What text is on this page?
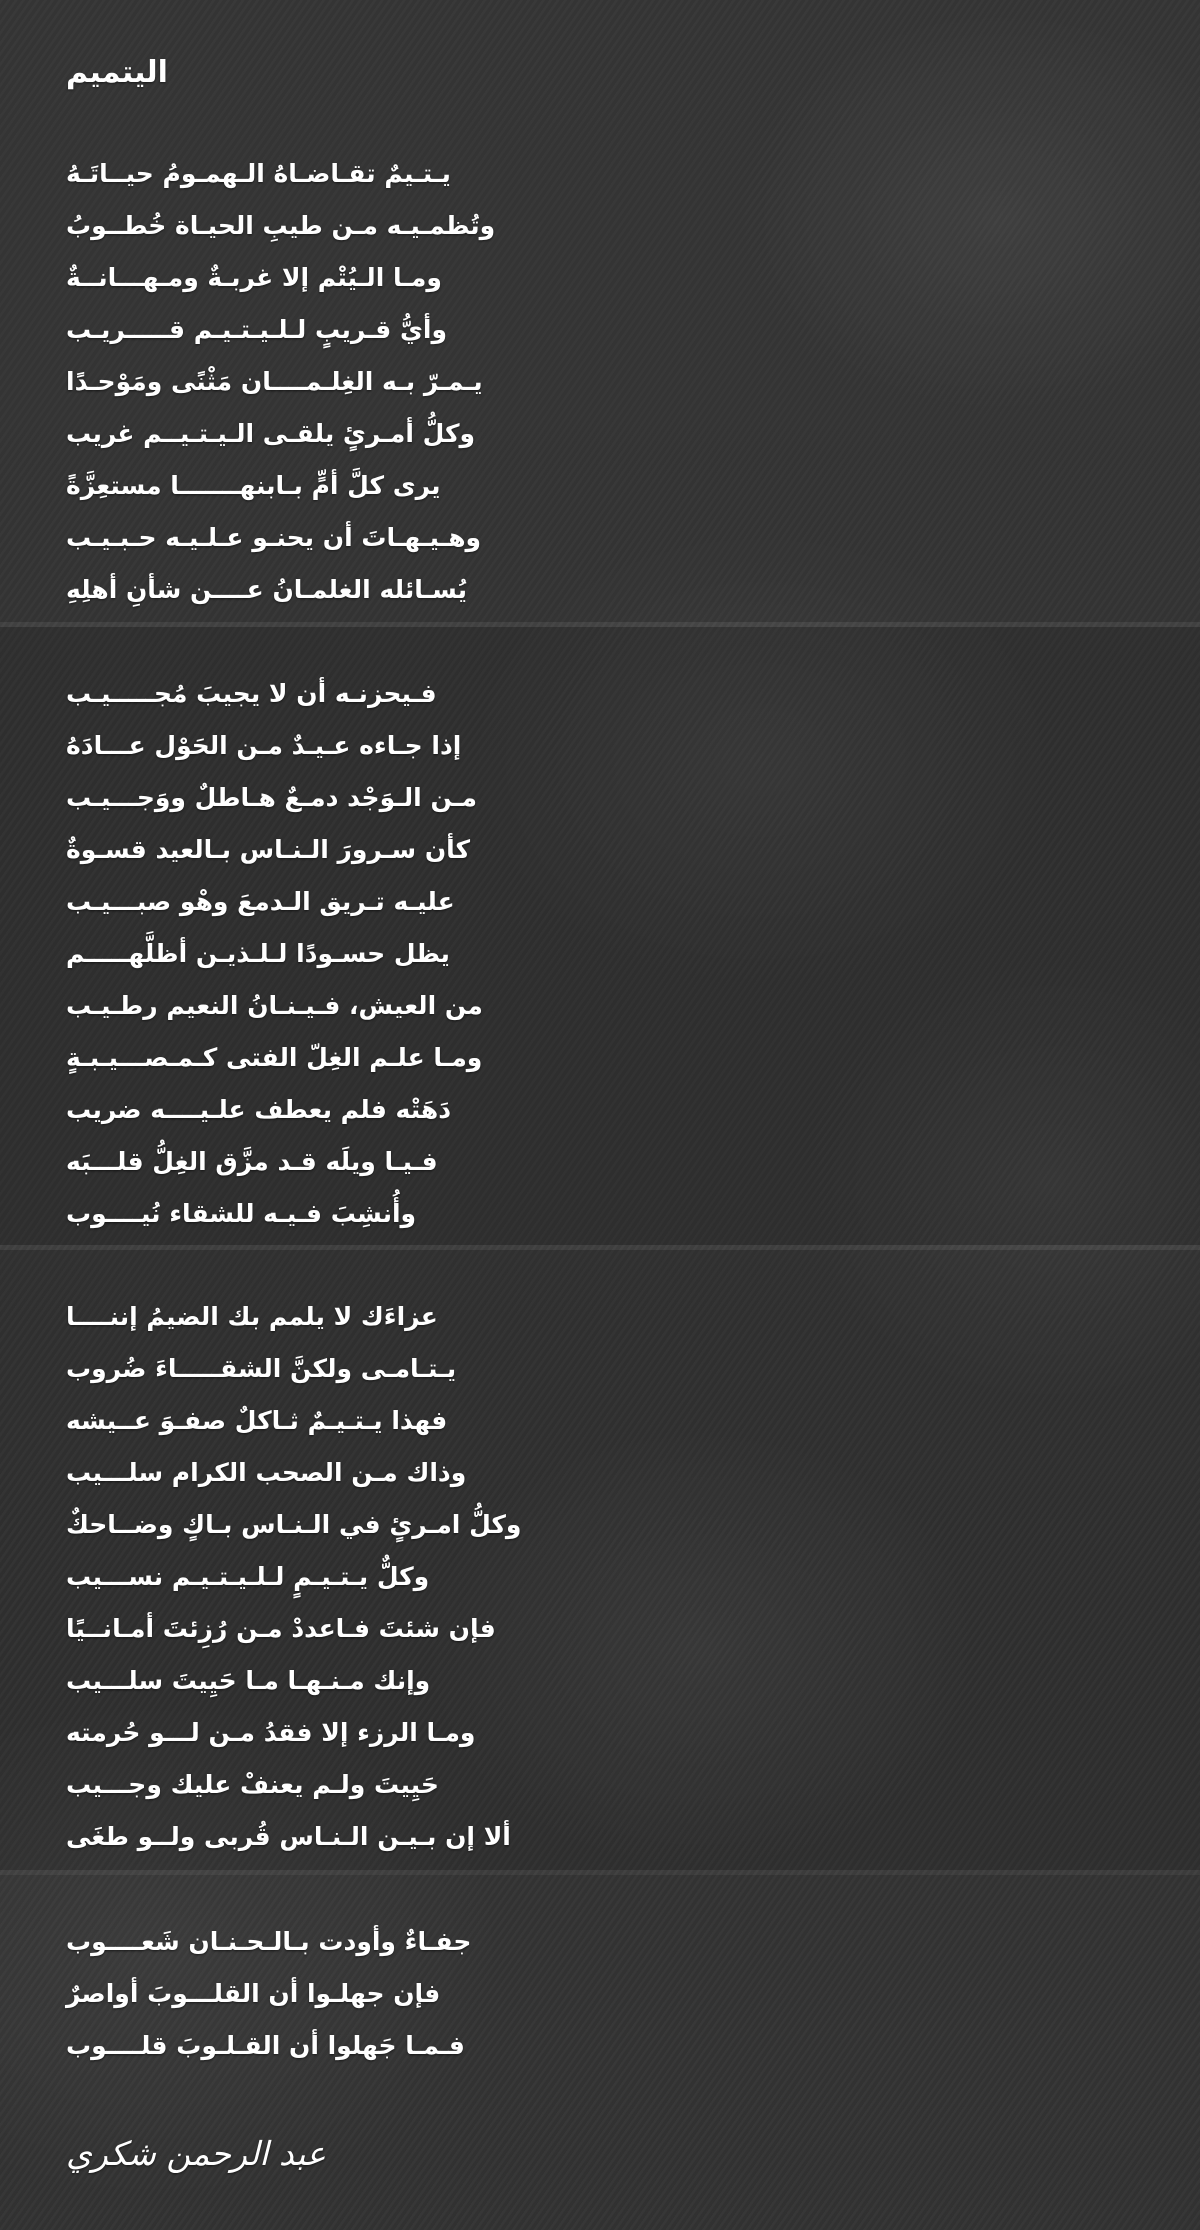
اليتميم
يـتـيمٌ تقـاضـاهُ الـهمـومُ حيــاتَـهُ
وتُظمـيـه مـن طيبِ الحيـاة خُطــوبُ
ومـا الـيُتْم إلا غربـةٌ ومـهـــانــةٌ
وأيُّ قـريبٍ لـلـيـتـيـم قـــــريـب
يـمـرّ بـه الغِلـمــــان مَثْنًى ومَوْحـدًا
وكلُّ أمـرئٍ يلقـى الـيـتـيــم غريب
يرى كلَّ أمٍّ بـابنهـــــــا مستعِزَّةً
وهـيـهـاتَ أن يحنـو عـلـيـه حـبـيـب
يُسـائله الغلمـانُ عــــن شأنِ أهلِهِ
فـيحزنـه أن لا يجيبَ مُجـــــيـب
إذا جـاءه عـيـدٌ مـن الحَوْل عـــادَهُ
مـن الـوَجْد دمـعٌ هـاطلٌ ووَجـــيـب
كأن سـرورَ الـنـاس بـالعيد قسـوةٌ
عليـه تـريق الـدمعَ وهْو صبـــيـب
يظل حسـودًا لـلـذيـن أظلَّهـــــم
من العيش، فـيـنـانُ النعيم رطـيـب
ومـا علـم الغِلّ الفتى كـمـصـــيـبـةٍ
دَهَتْه فلم يعطف علـيــــه ضريب
فـيـا ويلَه قـد مزَّق الغِلُّ قلـــبَه
وأُنشِبَ فـيـه للشقاء نُيــــوب
عزاءَك لا يلمم بك الضيمُ إننــــا
يـتـامـى ولكنَّ الشقـــــاءَ ضُروب
فهذا يـتـيـمٌ ثـاكلٌ صفـوَ عــيشه
وذاك مـن الصحب الكرام سلـــيب
وكلُّ امـرئٍ في الـنـاس بـاكٍ وضــاحكٌ
وكلٌّ يـتـيـمٍ لـلـيـتـيـم نســـيب
فإن شئتَ فـاعددْ مـن رُزِئتَ أمـانــيًا
وإنك مـنـهـا مـا حَيِيتَ سلـــيب
ومـا الرزء إلا فقدُ مـن لـــو حُرمته
حَيِيتَ ولـم يعنفْ عليك وجـــيب
ألا إن بـيـن الـنـاس قُربى ولــو طغَى
جفـاءٌ وأودت بـالـحـنـان شَعــــوب
فإن جهلـوا أن القلـــوبَ أواصرٌ
فـمـا جَهلوا أن القـلـوبَ قلــــوب

عبد الرحمن شكري
